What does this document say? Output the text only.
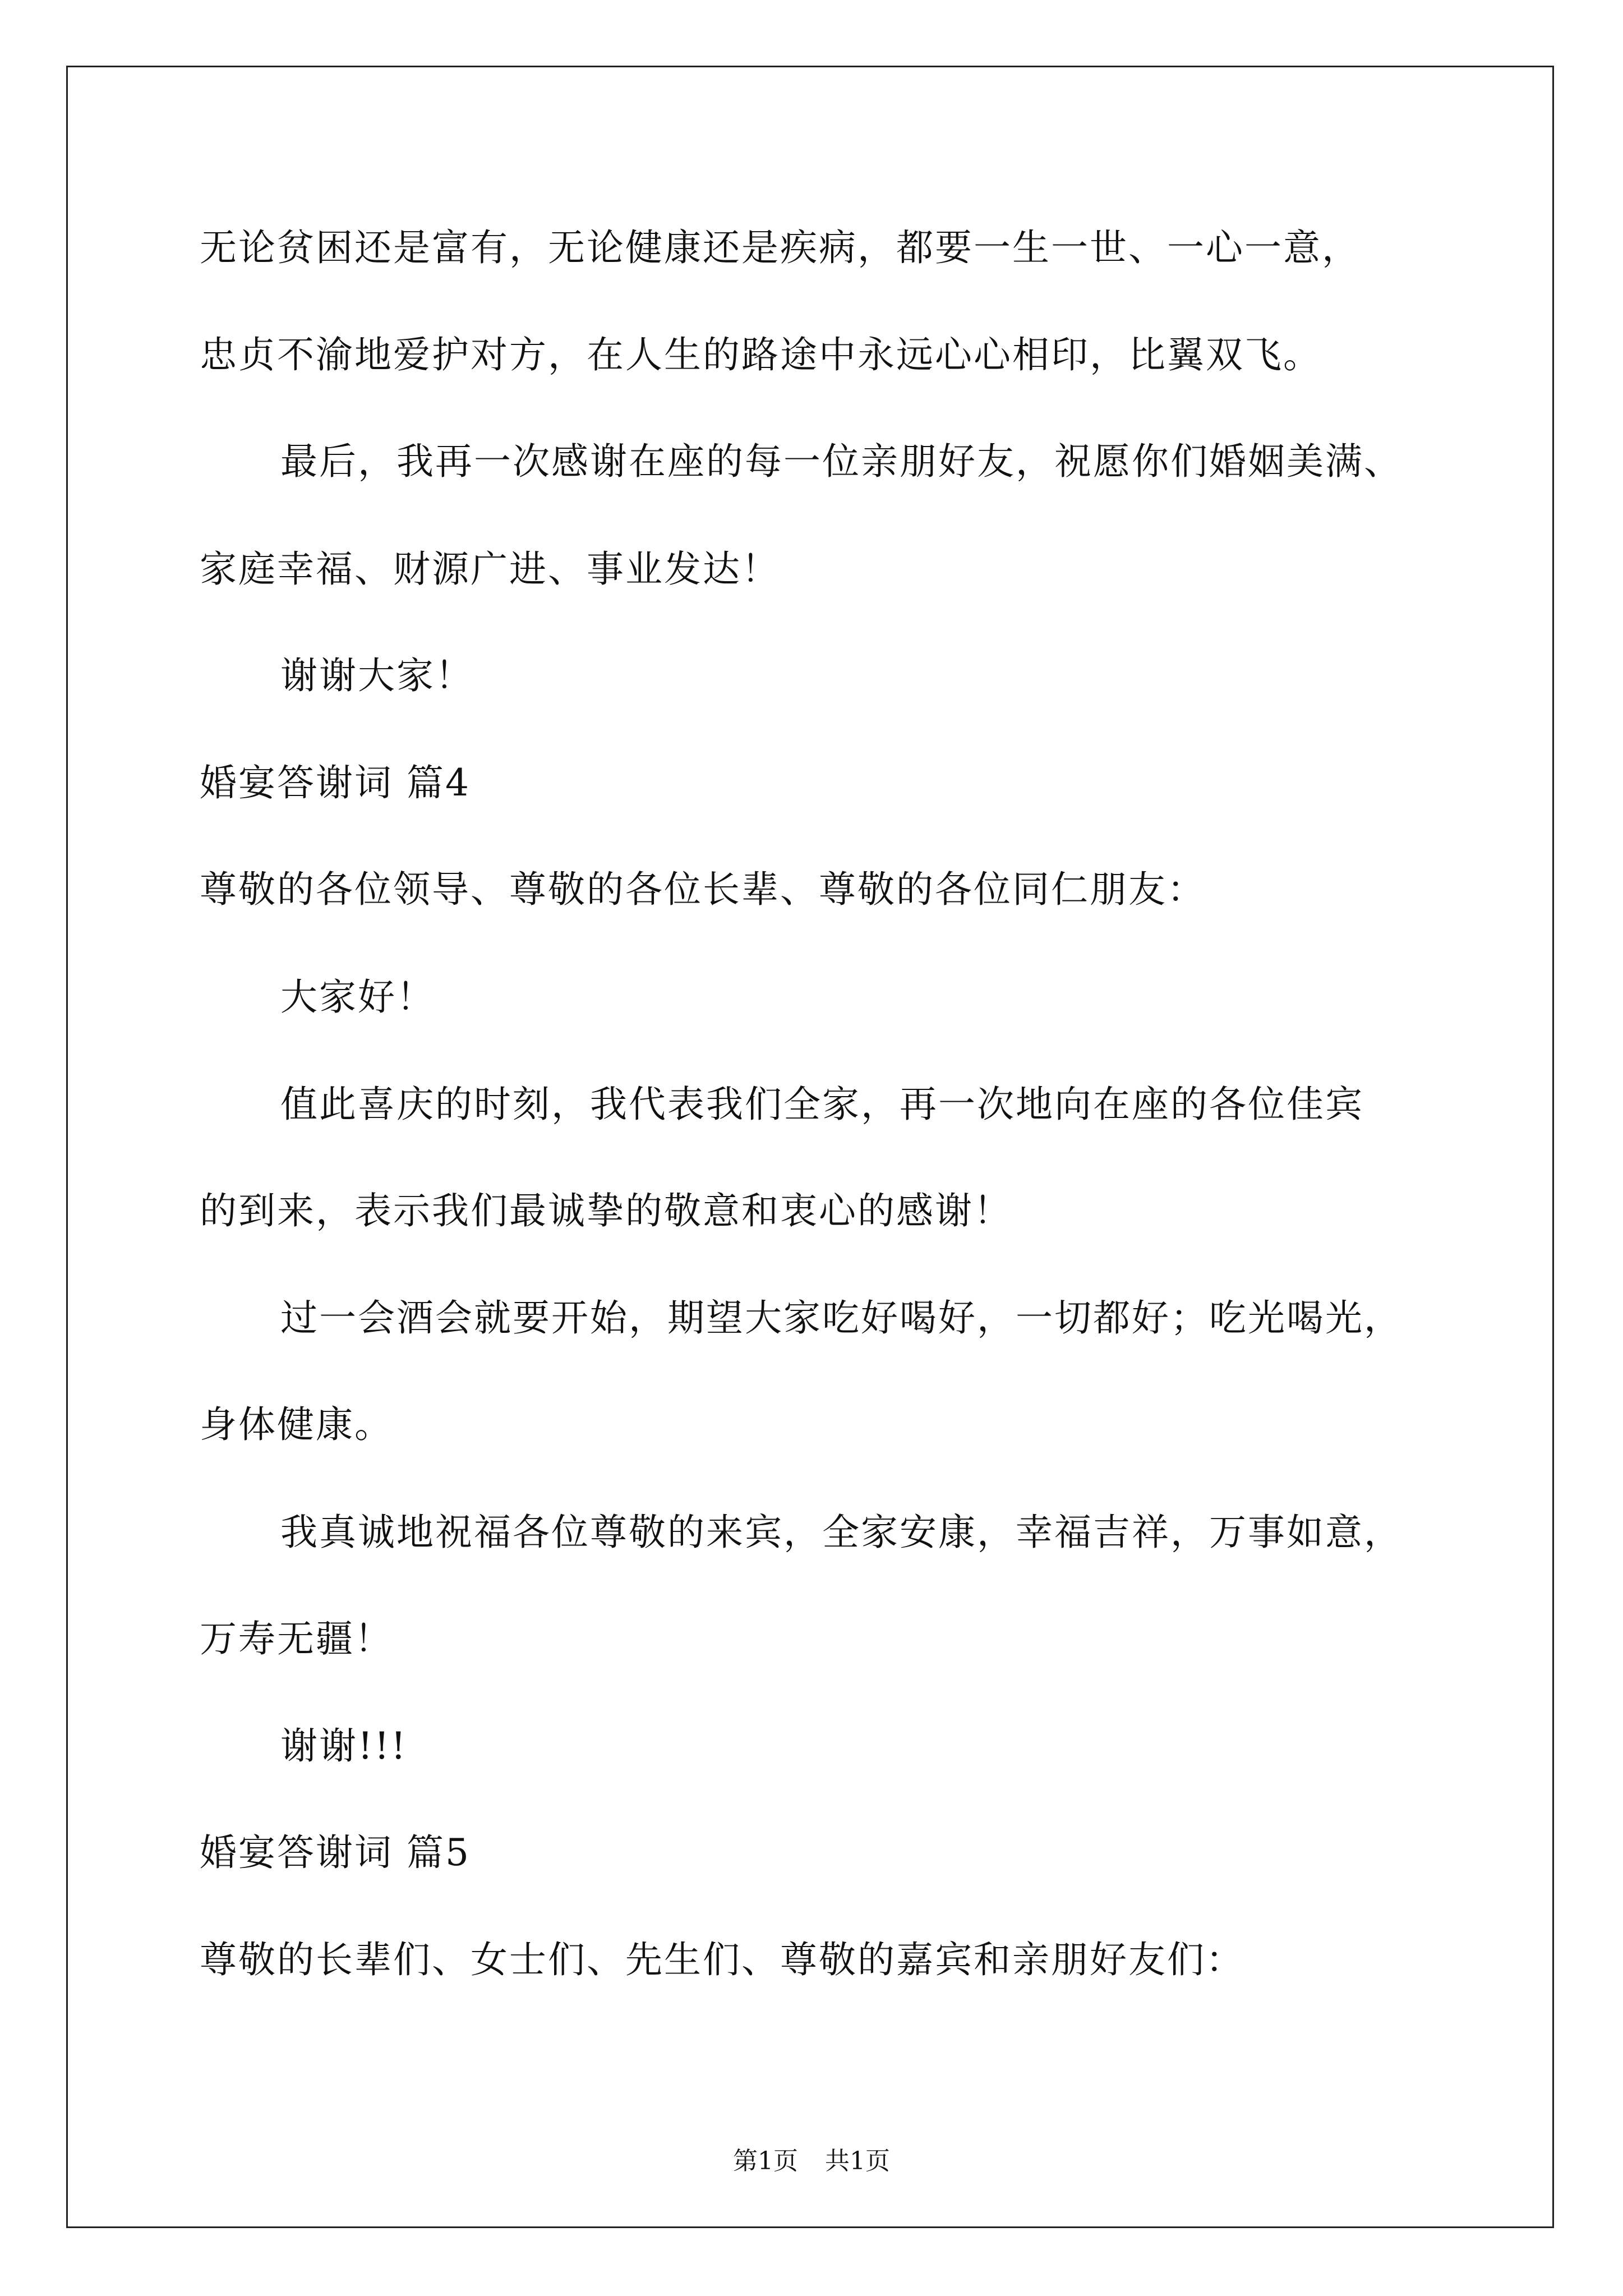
无论贫困还是富有，无论健康还是疾病，都要一生一世、一心一意，
忠贞不渝地爱护对方，在人生的路途中永远心心相印，比翼双飞。
最后，我再一次感谢在座的每一位亲朋好友，祝愿你们婚姻美满、
家庭幸福、财源广进、事业发达！
谢谢大家！
婚宴答谢词 篇4
尊敬的各位领导、尊敬的各位长辈、尊敬的各位同仁朋友：
大家好！
值此喜庆的时刻，我代表我们全家，再一次地向在座的各位佳宾
的到来，表示我们最诚挚的敬意和衷心的感谢！
过一会酒会就要开始，期望大家吃好喝好，一切都好；吃光喝光，
身体健康。
我真诚地祝福各位尊敬的来宾，全家安康，幸福吉祥，万事如意，
万寿无疆！
谢谢!!!
婚宴答谢词 篇5
尊敬的长辈们、女士们、先生们、尊敬的嘉宾和亲朋好友们：
第1页 共1页
